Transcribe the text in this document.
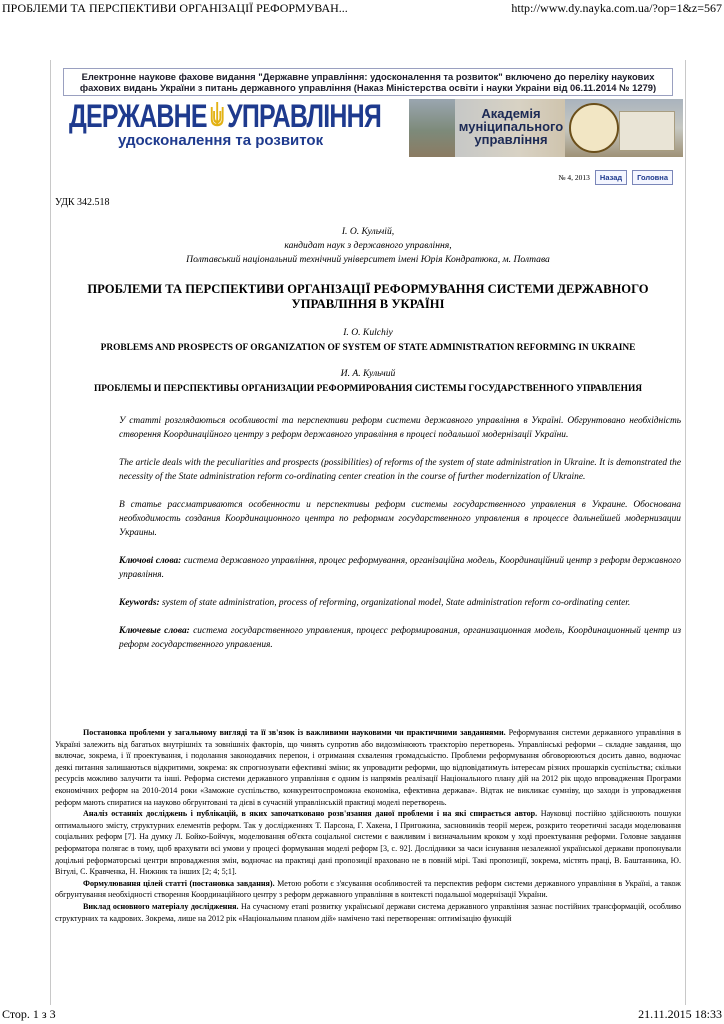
ПРОБЛЕМИ ТА ПЕРСПЕКТИВИ ОРГАНІЗАЦІЇ РЕФОРМУВАН...	http://www.dy.nayka.com.ua/?op=1&z=567
Електронне наукове фахове видання "Державне управління: удосконалення та розвиток" включено до переліку наукових фахових видань України з питань державного управління (Наказ Міністерства освіти і науки Украіни від 06.11.2014 № 1279)
ДЕРЖАВНЕ УПРАВЛІННЯ
удосконалення та розвиток
Академія муніципального управління
№ 4, 2013	Назад	Головна
УДК 342.518
І. О. Кульчій,
кандидат наук з державного управління,
Полтавський національний технічний університет імені Юрія Кондратюка, м. Полтава
ПРОБЛЕМИ ТА ПЕРСПЕКТИВИ ОРГАНІЗАЦІЇ РЕФОРМУВАННЯ СИСТЕМИ ДЕРЖАВНОГО УПРАВЛІННЯ В УКРАЇНІ
I. O. Kulchiy
PROBLEMS AND PROSPECTS OF ORGANIZATION OF SYSTEM OF STATE ADMINISTRATION REFORMING IN UKRAINE
И. А. Кульчий
ПРОБЛЕМЫ И ПЕРСПЕКТИВЫ ОРГАНИЗАЦИИ РЕФОРМИРОВАНИЯ СИСТЕМЫ ГОСУДАРСТВЕННОГО УПРАВЛЕНИЯ

У статті розглядаються особливості та перспективи реформ системи державного управління в Україні. Обгрунтовано необхідність створення Координаційного центру з реформ державного управління в процесі подальшої модернізації України.

The article deals with the peculiarities and prospects (possibilities) of reforms of the system of state administration in Ukraine. It is demonstrated the necessity of the State administration reform co-ordinating center creation in the course of further modernization of Ukraine.

В статье рассматриваются особенности и перспективы реформ системы государственного управления в Украине. Обоснована необходимость создания Координационного центра по реформам государственного управления в процессе дальнейшей модернизации Украины.

Ключові слова: система державного управління, процес реформування, організаційна модель, Координаційний центр з реформ державного управління.

Keywords: system of state administration, process of reforming, organizational model, State administration reform co-ordinating center.

Ключевые слова: система государственного управления, процесс реформирования, организационная модель, Координационный центр из реформ государственного управления.

Постановка проблеми у загальному вигляді та її зв'язок із важливими науковими чи практичними завданнями. Реформування системи державного управління в Україні залежить від багатьох внутрішніх та зовнішніх факторів, що чинять супротив або видозмінюють траєкторію перетворень. Управлінські реформи – складне завдання, що включає, зокрема, і її проектування, і подолання законодавчих перепон, і отримання схвалення громадськістю. Проблеми реформування обговорюються досить давно, водночас деякі питання залишаються відкритими, зокрема: як спрогнозувати ефективні зміни; як упровадити реформи, що відповідатимуть інтересам різних прошарків суспільства; скільки ресурсів можливо залучити та інші. Реформа системи державного управління є одним із напрямів реалізації Національного плану дій на 2012 рік щодо впровадження Програми економічних реформ на 2010-2014 роки «Заможне суспільство, конкурентоспроможна економіка, ефективна держава». Відтак не викликає сумніву, що заходи із упровадження реформ мають спиратися на науково обгрунтовані та дієві в сучасній управлінській практиці моделі перетворень.

Аналіз останніх досліджень і публікацій, в яких започатковано розв'язання даної проблеми і на які спирається автор. Науковці постійно здійснюють пошуки оптимального змісту, структурних елементів реформ. Так у дослідженнях Т. Парсона, Г. Хакена, І Пригожина, засновників теорії мереж, розкрито теоретичні засади моделювання соціальних реформ [7]. На думку Л. Бойко-Бойчук, моделювання об'єкта соціальної системи є важливим і визначальним кроком у ході проектування реформи. Головне завдання реформатора полягає в тому, щоб врахувати всі умови у процесі формування моделі реформ [3, с. 92]. Дослідники за часи існування незалежної української держави пропонували доцільні реформаторські центри впровадження змін, водночас на практиці дані пропозиції враховано не в повній мірі. Такі пропозиції, зокрема, містять праці, В. Баштанника, Ю. Вітулі, С. Кравченка, Н. Нижник та інших [2; 4; 5;1].

Формулювання цілей статті (постановка завдання). Метою роботи є з'ясування особливостей та перспектив реформ системи державного управління в Україні, а також обгрунтування необхідності створення Координаційного центру з реформ державного управління в контексті подальшої модернізації України.

Виклад основного матеріалу дослідження. На сучасному етапі розвитку української держави система державного управління зазнає постійних трансформацій, особливо структурних та кадрових. Зокрема, лише на 2012 рік «Національним планом дій» намічено такі перетворення: оптимізацію функцій

Стор. 1 з 3	21.11.2015 18:33
